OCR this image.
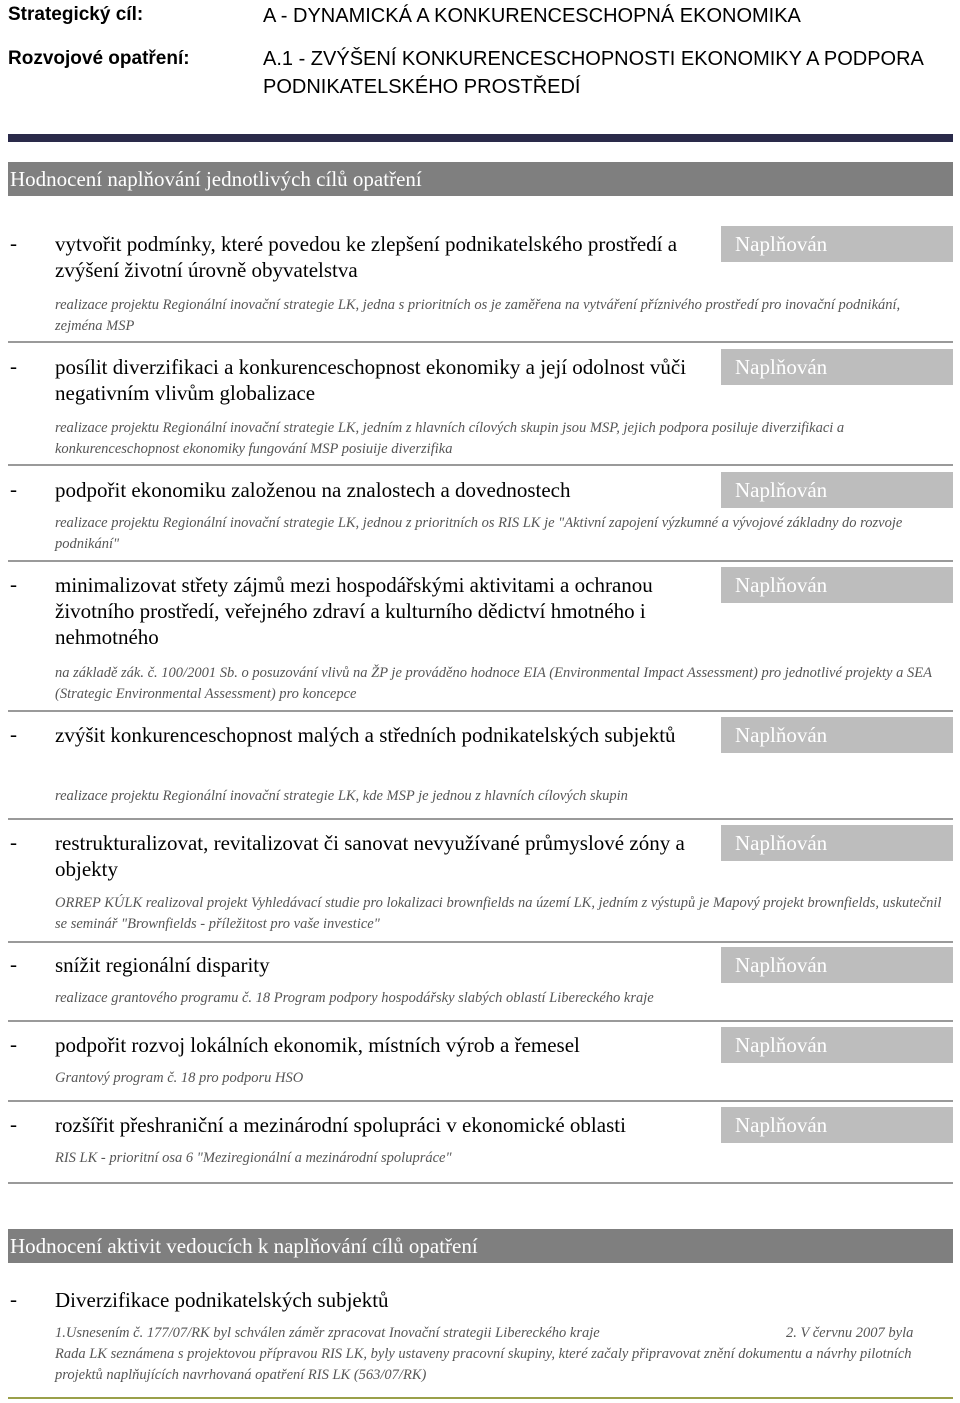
Strategický cíl:	A - DYNAMICKÁ A KONKURENCESCHOPNÁ EKONOMIKA
Rozvojové opatření:	A.1 - ZVÝŠENÍ KONKURENCESCHOPNOSTI EKONOMIKY A PODPORA PODNIKATELSKÉHO PROSTŘEDÍ
Hodnocení naplňování jednotlivých cílů opatření
- vytvořit podmínky, které povedou ke zlepšení podnikatelského prostředí a zvýšení životní úrovně obyvatelstva
Naplňován
realizace projektu Regionální inovační strategie LK, jedna s prioritních os je zaměřena na vytváření příznivého prostředí pro inovační podnikání, zejména MSP
- posílit diverzifikaci a konkurenceschopnost ekonomiky a její odolnost vůči negativním vlivům globalizace
Naplňován
realizace projektu Regionální inovační strategie LK, jedním z hlavních cílových skupin jsou MSP, jejich podpora posiluje diverzifikaci a konkurenceschopnost ekonomiky fungování MSP posiuije diverzifika
- podpořit ekonomiku založenou na znalostech a dovednostech	Naplňován
realizace projektu Regionální inovační strategie LK, jednou z prioritních os RIS LK je "Aktivní zapojení výzkumné a vývojové základny do rozvoje podnikání"
- minimalizovat střety zájmů mezi hospodářskými aktivitami a ochranou životního prostředí, veřejného zdraví a kulturního dědictví hmotného i nehmotného
Naplňován
na základě zák. č. 100/2001 Sb. o posuzování vlivů na ŽP je prováděno hodnoce EIA (Environmental Impact Assessment) pro jednotlivé projekty a SEA (Strategic Environmental Assessment) pro koncepce
- zvýšit konkurenceschopnost malých a středních podnikatelských subjektů	Naplňován
realizace projektu Regionální inovační strategie LK, kde MSP je jednou z hlavních cílových skupin
- restrukturalizovat, revitalizovat či sanovat nevyužívané průmyslové zóny a objekty
Naplňován
ORREP KÚLK realizoval projekt Vyhledávací studie pro lokalizaci brownfields na území LK, jedním z výstupů je Mapový projekt brownfields, uskutečnil se seminář "Brownfields - příležitost pro vaše investice"
- snížit regionální disparity	Naplňován
realizace grantového programu č. 18 Program podpory hospodářsky slabých oblastí Libereckého kraje
- podpořit rozvoj lokálních ekonomik, místních výrob a řemesel	Naplňován
Grantový program č. 18 pro podporu HSO
- rozšířit přeshraniční a mezinárodní spolupráci v ekonomické oblasti	Naplňován
RIS LK - prioritní osa 6 "Meziregionální a mezinárodní spolupráce"
Hodnocení aktivit vedoucích k naplňování cílů opatření
- Diverzifikace podnikatelských subjektů
1.Usnesením č. 177/07/RK byl schválen záměr zpracovat Inovační strategii Libereckého kraje	2. V červnu 2007 byla
Rada LK seznámena s projektovou přípravou RIS LK, byly ustaveny pracovní skupiny, které začaly připravovat znění dokumentu a návrhy pilotních projektů naplňujících navrhovaná opatření RIS LK (563/07/RK)
